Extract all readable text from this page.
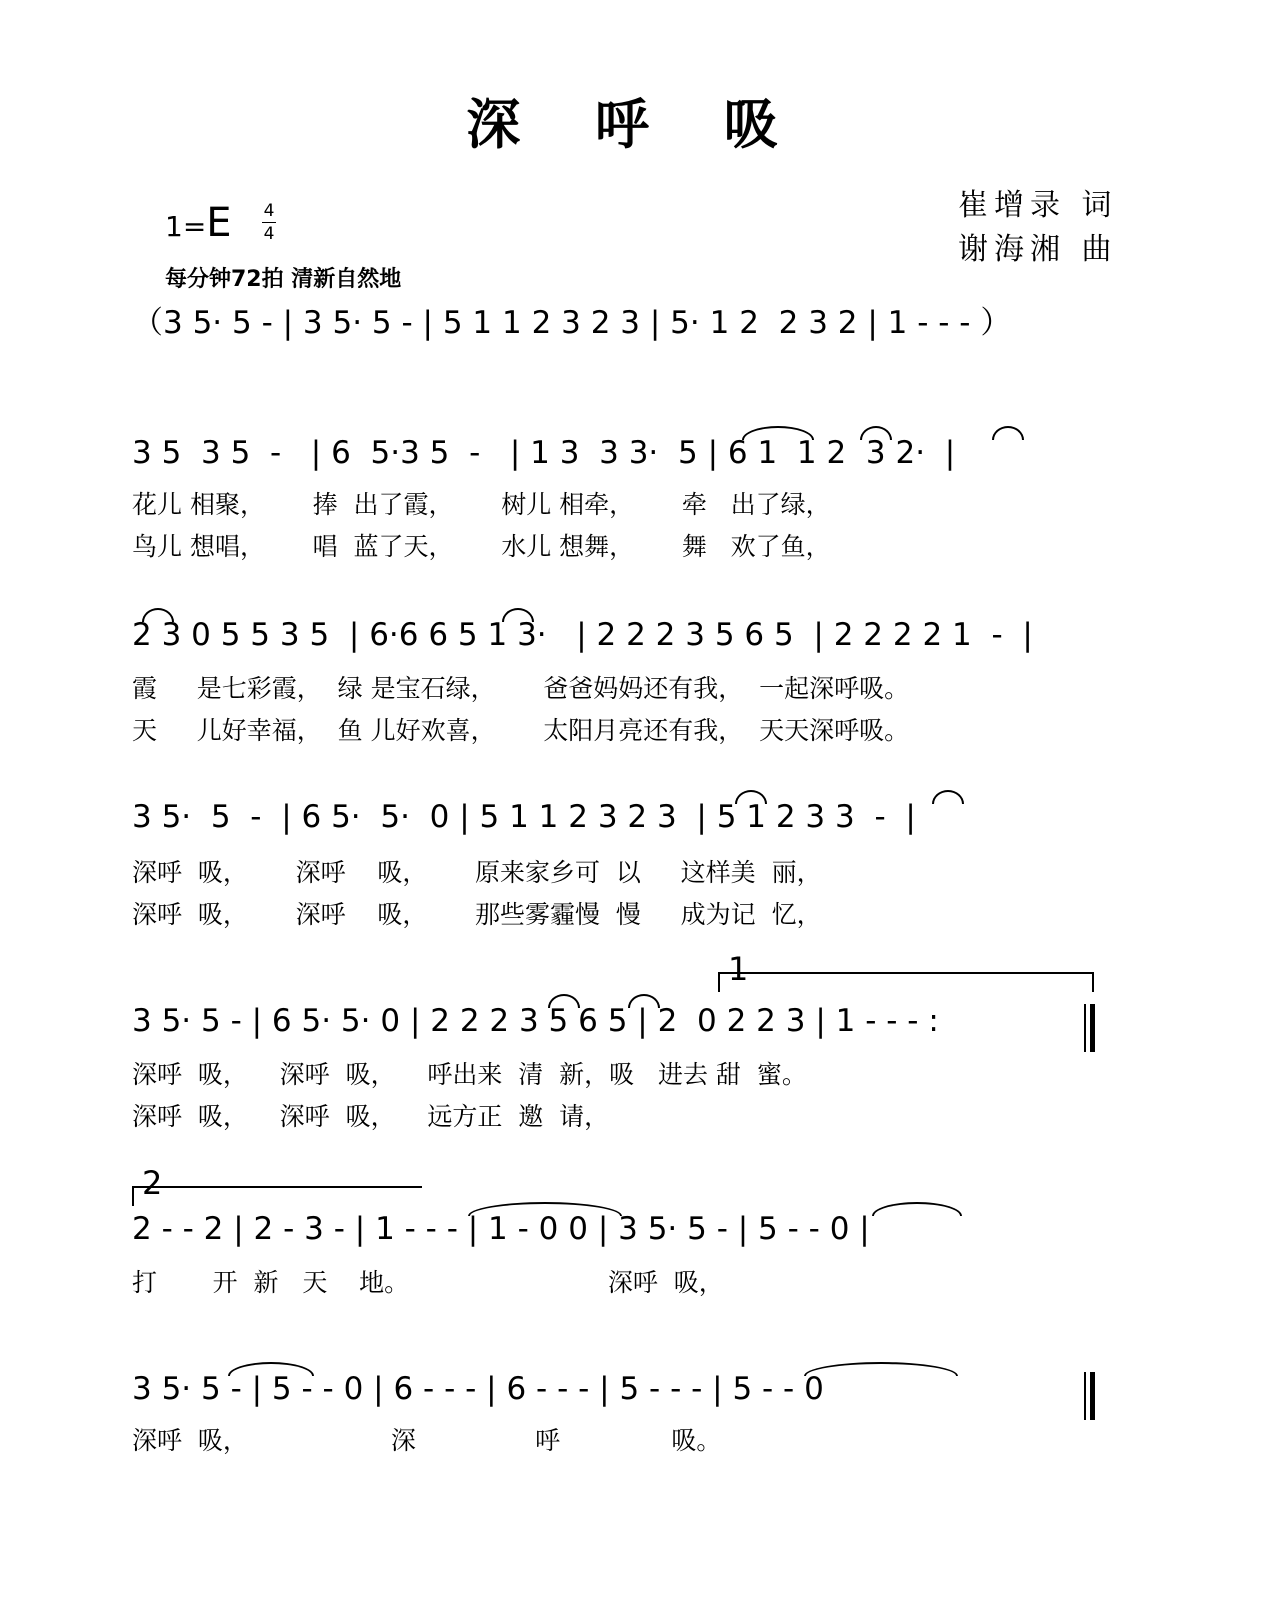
深 呼 吸
崔增录 词
谢海湘 曲
1=E 4
4
每分钟72拍 清新自然地
（3 5· 5 - | 3 5· 5 - | 5 1 1 2 3 2 3 | 5· 1 2  2 3 2 | 1 - - - ）
3 5  3 5  -   | 6  5·3 5  -   | 1 3  3 3·  5 | 6 1  1 2  3 2·  |
花儿 相聚，      捧  出了霞，      树儿 相牵，      牵   出了绿，
鸟儿 想唱，      唱  蓝了天，      水儿 想舞，      舞   欢了鱼，
2 3 0 5 5 3 5  | 6·6 6 5 1 3·   | 2 2 2 3 5 6 5  | 2 2 2 2 1  -  |
霞     是七彩霞，  绿 是宝石绿，      爸爸妈妈还有我，  一起深呼吸。
天     儿好幸福，  鱼 儿好欢喜，      太阳月亮还有我，  天天深呼吸。
3 5·  5  -  | 6 5·  5·  0 | 5 1 1 2 3 2 3  | 5 1 2 3 3  -  |
深呼  吸，      深呼    吸，      原来家乡可  以     这样美  丽，
深呼  吸，      深呼    吸，      那些雾霾慢  慢     成为记  忆，
1
3 5· 5 - | 6 5· 5· 0 | 2 2 2 3 5 6 5 | 2  0 2 2 3 | 1 - - - :
深呼  吸，    深呼  吸，    呼出来  清  新，吸   进去 甜  蜜。
深呼  吸，    深呼  吸，    远方正  邀  请，
2
2 - - 2 | 2 - 3 - | 1 - - - | 1 - 0 0 | 3 5· 5 - | 5 - - 0 |
打       开  新   天    地。                         深呼  吸，
3 5· 5 - | 5 - - 0 | 6 - - - | 6 - - - | 5 - - - | 5 - - 0
深呼  吸，                  深               呼              吸。
